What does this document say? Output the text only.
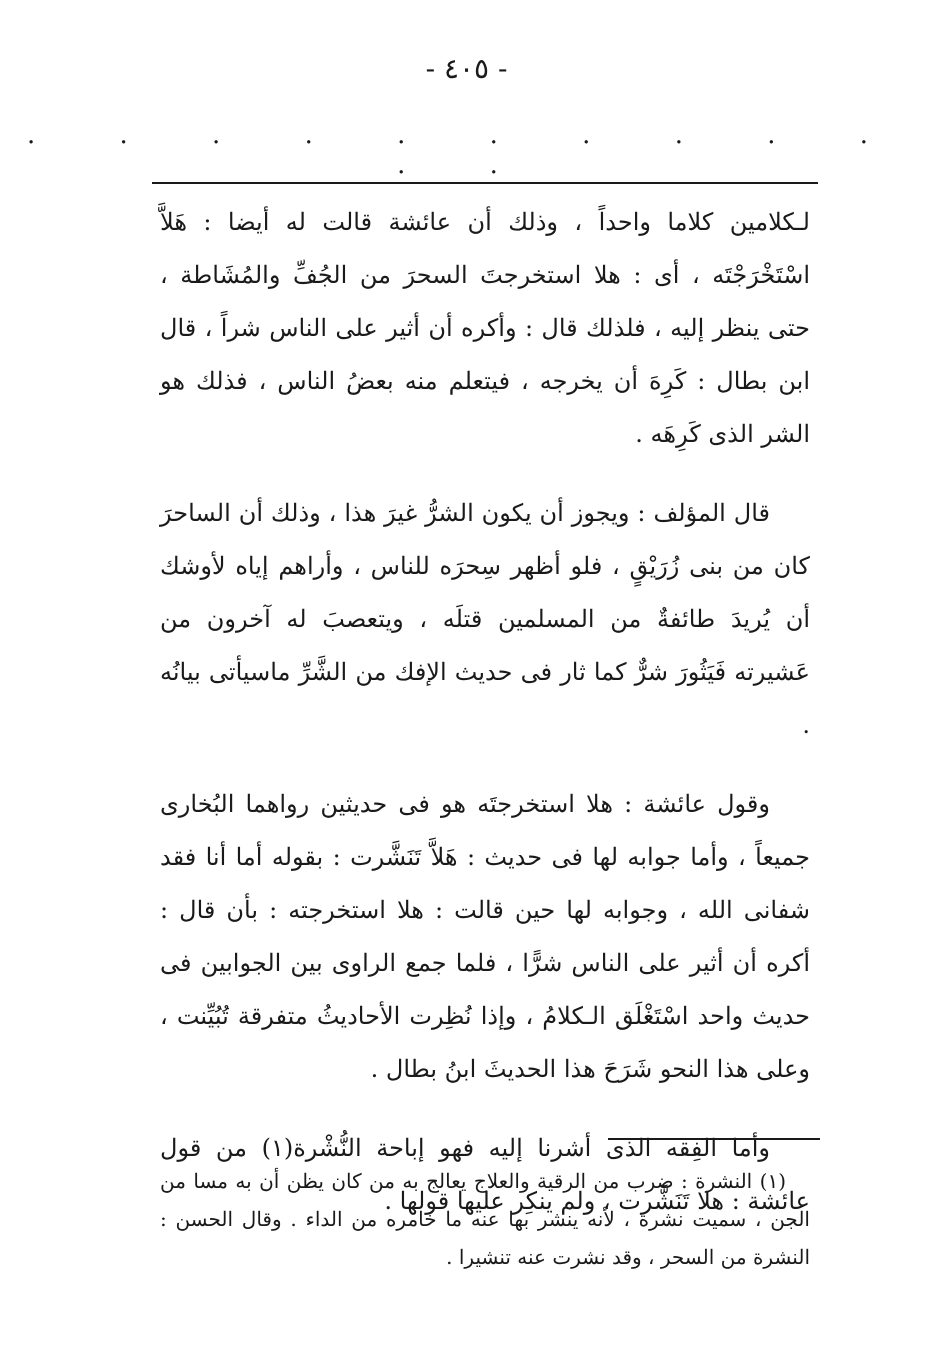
- ٤٠٥ -
· · · · · · · · · · · ·

لـكلامين كلاما واحداً ، وذلك أن عائشة قالت له أيضا : هَلاَّ اسْتَخْرَجْتَه ، أى : هلا استخرجتَ السحرَ من الجُفِّ والمُشَاطة ، حتى ينظر إليه ، فلذلك قال : وأكره أن أثير على الناس شراً ، قال ابن بطال : كَرِهَ أن يخرجه ، فيتعلم منه بعضُ الناس ، فذلك هو الشر الذى كَرِهَه .

قال المؤلف : ويجوز أن يكون الشرُّ غيرَ هذا ، وذلك أن الساحرَ كان من بنى زُرَيْقٍ ، فلو أظهر سِحرَه للناس ، وأراهم إياه لأوشك أن يُريدَ طائفةٌ من المسلمين قتلَه ، ويتعصبَ له آخرون من عَشيرته فَيَثُورَ شرٌّ كما ثار فى حديث الإفك من الشَّرِّ ماسيأتى بيانُه .

وقول عائشة : هلا استخرجتَه هو فى حديثين رواهما البُخارى جميعاً ، وأما جوابه لها فى حديث : هَلاَّ تَنَشَّرت : بقوله أما أنا فقد شفانى الله ، وجوابه لها حين قالت : هلا استخرجته : بأن قال : أكره أن أثير على الناس شرًّا ، فلما جمع الراوى بين الجوابين فى حديث واحد اسْتَغْلَق الـكلامُ ، وإذا نُظِرت الأحاديثُ متفرقة تُبُيِّنت ، وعلى هذا النحو شَرَحَ هذا الحديثَ ابنُ بطال .

وأما الفِقه الذى أشرنا إليه فهو إباحة النُّشْرة(١) من قول عائشة : هلا تَنَشَّرت ، ولم ينكِر عليها قولها .

(١) النشرة : ضرب من الرقية والعلاج يعالج به من كان يظن أن به مسا من الجن ، سميت نشرة ، لأنه ينشر بها عنه ما خامره من الداء . وقال الحسن : النشرة من السحر ، وقد نشرت عنه تنشيرا .
